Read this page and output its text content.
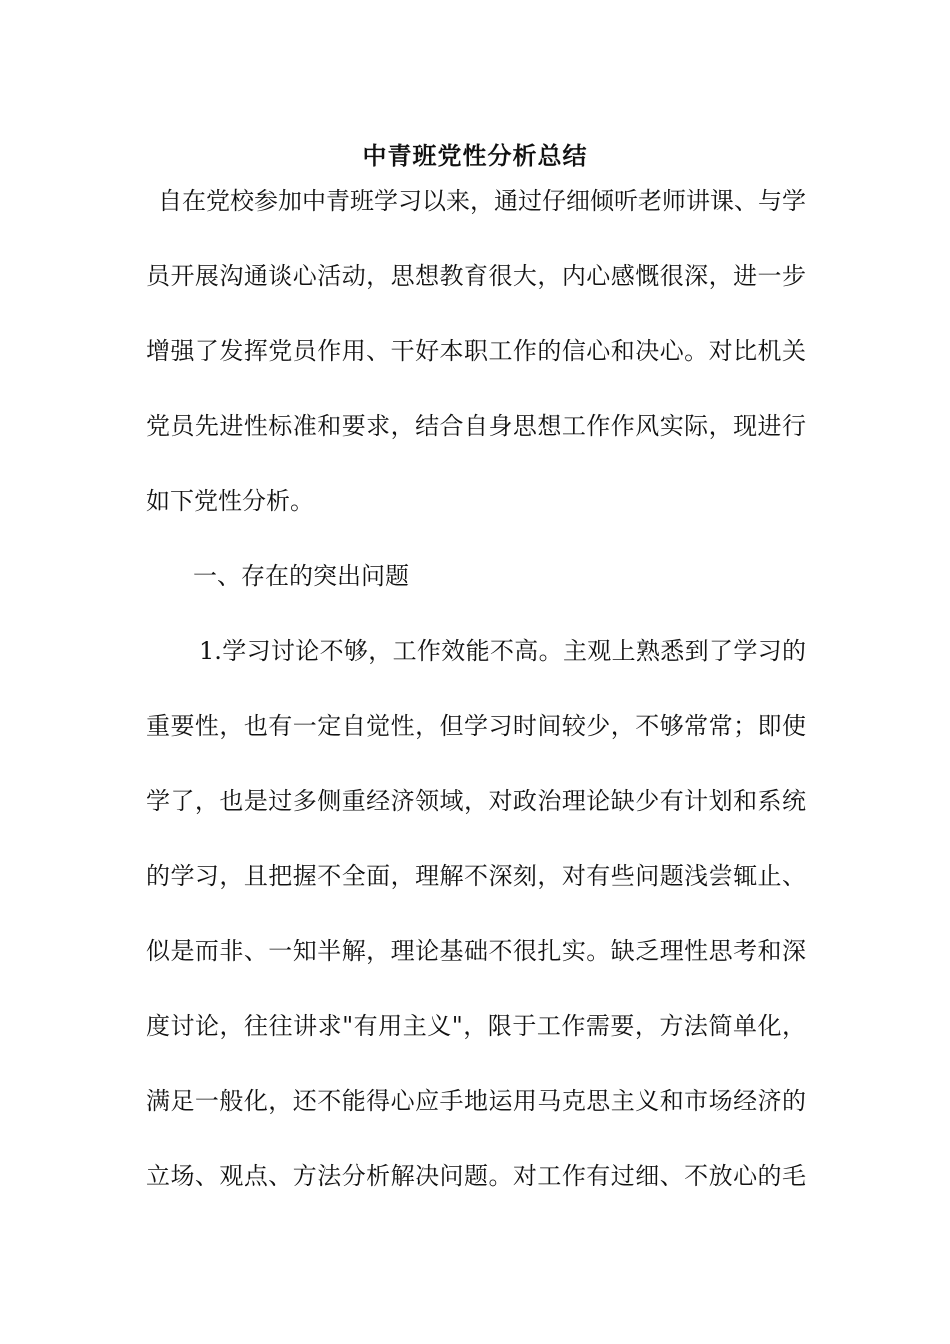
中青班党性分析总结
自在党校参加中青班学习以来，通过仔细倾听老师讲课、与学
员开展沟通谈心活动，思想教育很大，内心感慨很深，进一步
增强了发挥党员作用、干好本职工作的信心和决心。对比机关
党员先进性标准和要求，结合自身思想工作作风实际，现进行
如下党性分析。
一、存在的突出问题
1.学习讨论不够，工作效能不高。主观上熟悉到了学习的
重要性，也有一定自觉性，但学习时间较少，不够常常；即使
学了，也是过多侧重经济领域，对政治理论缺少有计划和系统
的学习，且把握不全面，理解不深刻，对有些问题浅尝辄止、
似是而非、一知半解，理论基础不很扎实。缺乏理性思考和深
度讨论，往往讲求"有用主义"，限于工作需要，方法简单化，
满足一般化，还不能得心应手地运用马克思主义和市场经济的
立场、观点、方法分析解决问题。对工作有过细、不放心的毛
